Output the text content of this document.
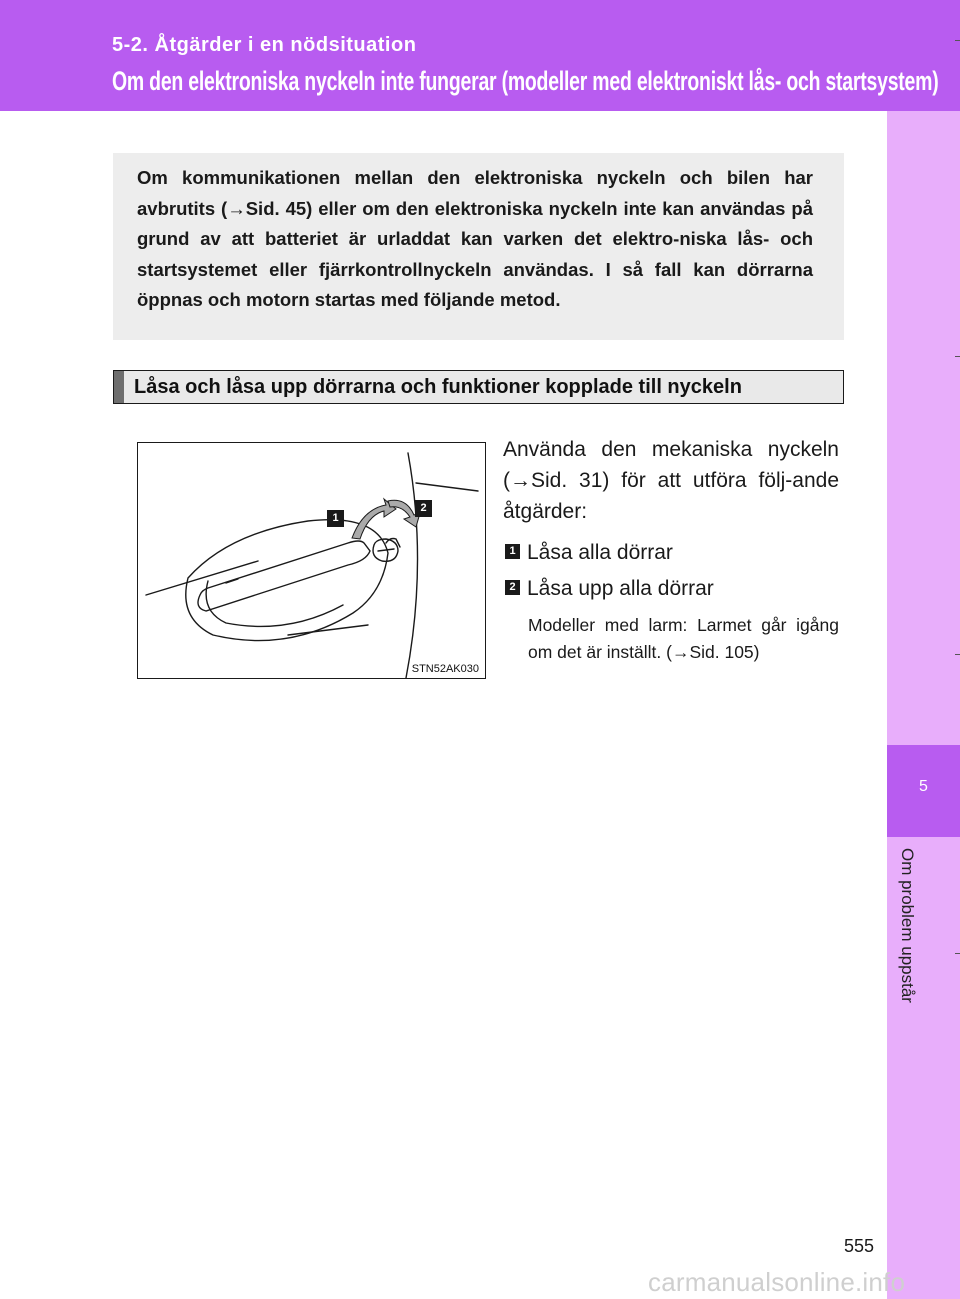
5-2. Åtgärder i en nödsituation
Om den elektroniska nyckeln inte fungerar (modeller med elektroniskt lås- och startsystem)
5
Om problem uppstår
Om kommunikationen mellan den elektroniska nyckeln och bilen har avbrutits (→Sid. 45) eller om den elektroniska nyckeln inte kan användas på grund av att batteriet är urladdat kan varken det elektro-niska lås- och startsystemet eller fjärrkontrollnyckeln användas. I så fall kan dörrarna öppnas och motorn startas med följande metod.
Låsa och låsa upp dörrarna och funktioner kopplade till nyckeln
1
2
STN52AK030
Använda den mekaniska nyckeln (→Sid. 31) för att utföra följ-ande åtgärder:
1 Låsa alla dörrar
2 Låsa upp alla dörrar
Modeller med larm: Larmet går igång om det är inställt. (→Sid. 105)
555
carmanualsonline.info
